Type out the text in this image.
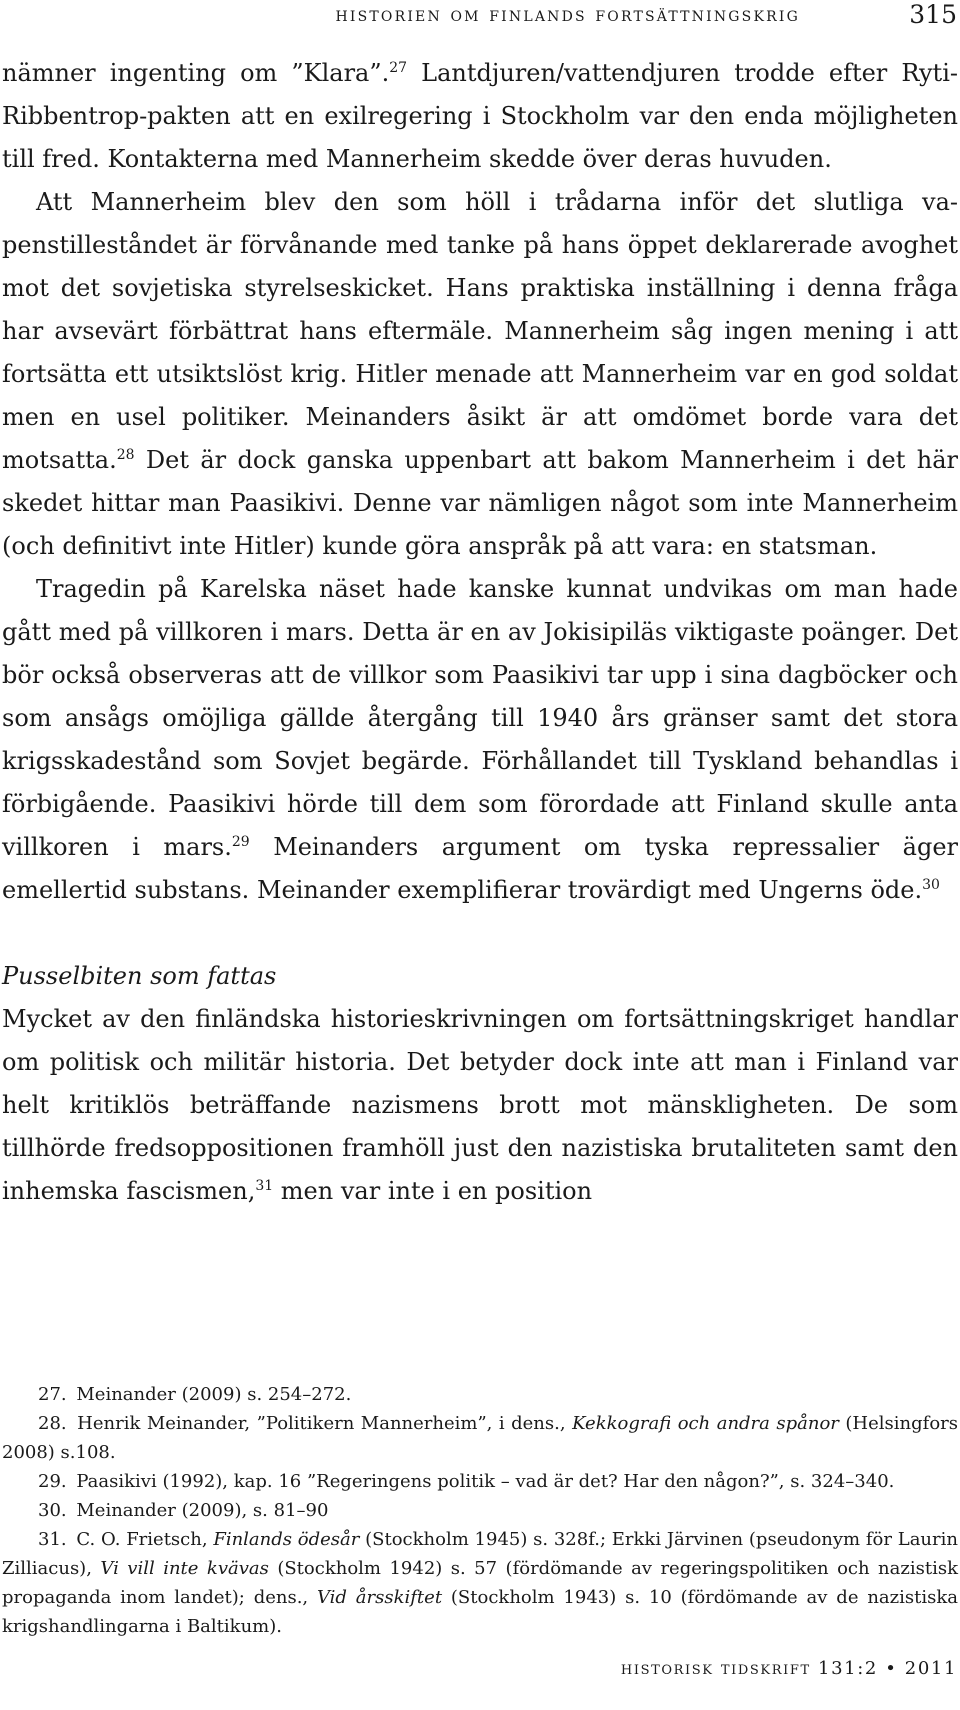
historien om finlands fortsättningskrig	315

nämner ingenting om ”Klara”.$^{27}$ Lantdjuren/vattendjuren trodde efter Ryti-Ribbentrop-pakten att en exilregering i Stockholm var den enda möjligheten till fred. Kontakterna med Mannerheim skedde över deras huvuden.

Att Mannerheim blev den som höll i trådarna inför det slutliga vapenstilleståndet är förvånande med tanke på hans öppet deklarerade avoghet mot det sovjetiska styrelseskicket. Hans praktiska inställning i denna fråga har avsevärt förbättrat hans eftermäle. Mannerheim såg ingen mening i att fortsätta ett utsiktslöst krig. Hitler menade att Mannerheim var en god soldat men en usel politiker. Meinanders åsikt är att omdömet borde vara det motsatta.$^{28}$ Det är dock ganska uppenbart att bakom Mannerheim i det här skedet hittar man Paasikivi. Denne var nämligen något som inte Mannerheim (och definitivt inte Hitler) kunde göra anspråk på att vara: en statsman.

Tragedin på Karelska näset hade kanske kunnat undvikas om man hade gått med på villkoren i mars. Detta är en av Jokisipiläs viktigaste poänger. Det bör också observeras att de villkor som Paasikivi tar upp i sina dagböcker och som ansågs omöjliga gällde återgång till 1940 års gränser samt det stora krigsskadestånd som Sovjet begärde. Förhållandet till Tyskland behandlas i förbigående. Paasikivi hörde till dem som förordade att Finland skulle anta villkoren i mars.$^{29}$ Meinanders argument om tyska repressalier äger emellertid substans. Meinander exemplifierar trovärdigt med Ungerns öde.$^{30}$

Pusselbiten som fattas

Mycket av den finländska historieskrivningen om fortsättningskriget handlar om politisk och militär historia. Det betyder dock inte att man i Finland var helt kritiklös beträffande nazismens brott mot mänskligheten. De som tillhörde fredsoppositionen framhöll just den nazistiska brutaliteten samt den inhemska fascismen,$^{31}$ men var inte i en position

27. Meinander (2009) s. 254–272.

28. Henrik Meinander, ”Politikern Mannerheim”, i dens., Kekkografi och andra spånor (Helsingfors 2008) s.108.

29. Paasikivi (1992), kap. 16 ”Regeringens politik – vad är det? Har den någon?”, s. 324–340.

30. Meinander (2009), s. 81–90

31. C. O. Frietsch, Finlands ödesår (Stockholm 1945) s. 328f.; Erkki Järvinen (pseudonym för Laurin Zilliacus), Vi vill inte kvävas (Stockholm 1942) s. 57 (fördömande av regeringspolitiken och nazistisk propaganda inom landet); dens., Vid årsskiftet (Stockholm 1943) s. 10 (fördömande av de nazistiska krigshandlingarna i Baltikum).

historisk tidskrift 131:2 • 2011
